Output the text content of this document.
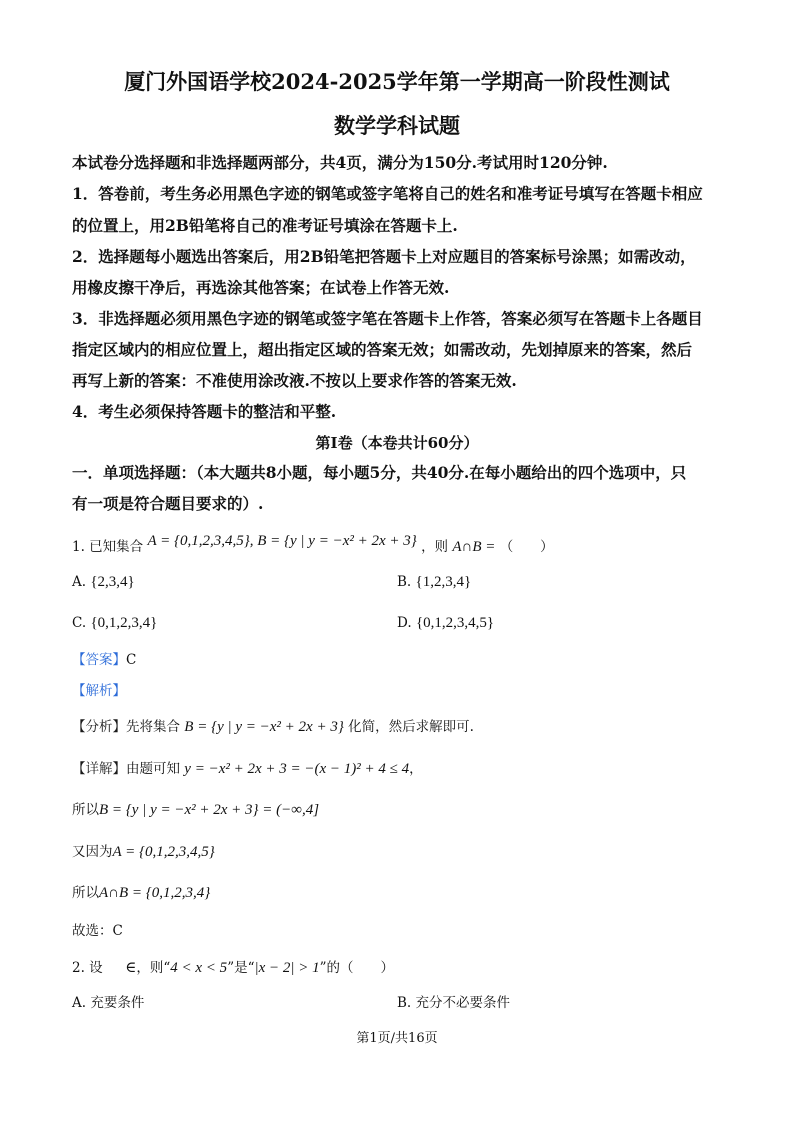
厦门外国语学校2024-2025学年第一学期高一阶段性测试
数学学科试题
本试卷分选择题和非选择题两部分，共4页，满分为150分.考试用时120分钟.
1．答卷前，考生务必用黑色字迹的钢笔或签字笔将自己的姓名和准考证号填写在答题卡相应
的位置上，用2B铅笔将自己的准考证号填涂在答题卡上.
2．选择题每小题选出答案后，用2B铅笔把答题卡上对应题目的答案标号涂黑；如需改动，
用橡皮擦干净后，再选涂其他答案；在试卷上作答无效.
3．非选择题必须用黑色字迹的钢笔或签字笔在答题卡上作答，答案必须写在答题卡上各题目
指定区域内的相应位置上，超出指定区域的答案无效；如需改动，先划掉原来的答案，然后
再写上新的答案：不准使用涂改液.不按以上要求作答的答案无效.
4．考生必须保持答题卡的整洁和平整.
第I卷（本卷共计60分）
一．单项选择题：（本大题共8小题，每小题5分，共40分.在每小题给出的四个选项中，只
有一项是符合题目要求的）.
1. 已知集合 A = {0,1,2,3,4,5}, B = {y | y = −x² + 2x + 3} ，则 A∩B = （　　）
A. {2,3,4}	B. {1,2,3,4}
C. {0,1,2,3,4}	D. {0,1,2,3,4,5}
【答案】C
【解析】
【分析】先将集合 B = {y | y = −x² + 2x + 3} 化简，然后求解即可.
【详解】由题可知 y = −x² + 2x + 3 = −(x − 1)² + 4 ≤ 4，
所以B = {y | y = −x² + 2x + 3} = (−∞,4]
又因为A = {0,1,2,3,4,5}
所以A∩B = {0,1,2,3,4}
故选：C
2. 设 ∈，则“4 < x < 5”是“|x − 2| > 1”的（　　）
A. 充要条件	B. 充分不必要条件
第1页/共16页
